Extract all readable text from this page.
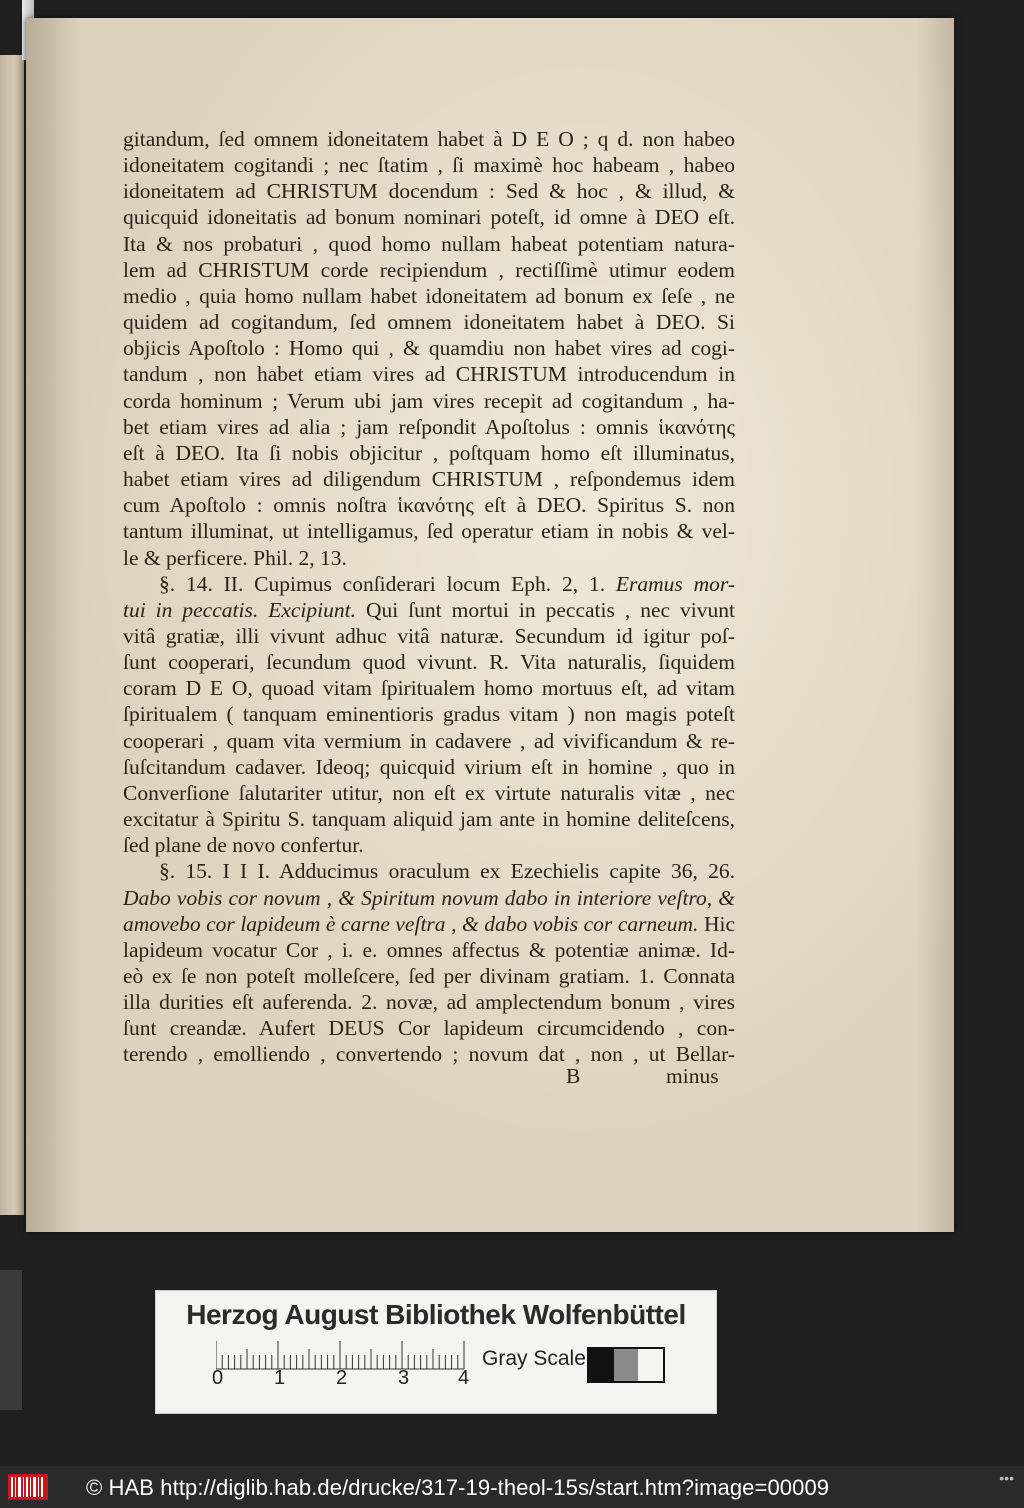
gitandum, ſed omnem idoneitatem habet à D E O ; q d. non habeo
idoneitatem cogitandi ; nec ſtatim , ſi maximè hoc habeam , habeo
idoneitatem ad CHRISTUM docendum : Sed & hoc , & illud, &
quicquid idoneitatis ad bonum nominari poteſt, id omne à DEO eſt.
Ita & nos probaturi , quod homo nullam habeat potentiam natura-
lem ad CHRISTUM corde recipiendum , rectiſſimè utimur eodem
medio , quia homo nullam habet idoneitatem ad bonum ex ſeſe , ne
quidem ad cogitandum, ſed omnem idoneitatem habet à DEO. Si
objicis Apoſtolo : Homo qui , & quamdiu non habet vires ad cogi-
tandum , non habet etiam vires ad CHRISTUM introducendum in
corda hominum ; Verum ubi jam vires recepit ad cogitandum , ha-
bet etiam vires ad alia ; jam reſpondit Apoſtolus : omnis ἱκανότης
eſt à DEO. Ita ſi nobis objicitur , poſtquam homo eſt illuminatus,
habet etiam vires ad diligendum CHRISTUM , reſpondemus idem
cum Apoſtolo : omnis noſtra ἱκανότης eſt à DEO. Spiritus S. non
tantum illuminat, ut intelligamus, ſed operatur etiam in nobis & vel-
le & perficere. Phil. 2, 13.
§. 14. II. Cupimus conſiderari locum Eph. 2, 1. Eramus mor-
tui in peccatis. Excipiunt. Qui ſunt mortui in peccatis , nec vivunt
vitâ gratiæ, illi vivunt adhuc vitâ naturæ. Secundum id igitur poſ-
ſunt cooperari, ſecundum quod vivunt. R. Vita naturalis, ſiquidem
coram D E O, quoad vitam ſpiritualem homo mortuus eſt, ad vitam
ſpiritualem ( tanquam eminentioris gradus vitam ) non magis poteſt
cooperari , quam vita vermium in cadavere , ad vivificandum & re-
ſuſcitandum cadaver. Ideoq; quicquid virium eſt in homine , quo in
Converſione ſalutariter utitur, non eſt ex virtute naturalis vitæ , nec
excitatur à Spiritu S. tanquam aliquid jam ante in homine deliteſcens,
ſed plane de novo confertur.
§. 15. I I I. Adducimus oraculum ex Ezechielis capite 36, 26.
Dabo vobis cor novum , & Spiritum novum dabo in interiore veſtro, &
amovebo cor lapideum è carne veſtra , & dabo vobis cor carneum. Hic
lapideum vocatur Cor , i. e. omnes affectus & potentiæ animæ. Id-
eò ex ſe non poteſt molleſcere, ſed per divinam gratiam. 1. Connata
illa durities eſt auferenda. 2. novæ, ad amplectendum bonum , vires
ſunt creandæ. Aufert DEUS Cor lapideum circumcidendo , con-
terendo , emolliendo , convertendo ; novum dat , non , ut Bellar-
B	minus
Herzog August Bibliothek Wolfenbüttel
0	1	2	3 4
Gray Scale
© HAB http://diglib.hab.de/drucke/317-19-theol-15s/start.htm?image=00009	•••
